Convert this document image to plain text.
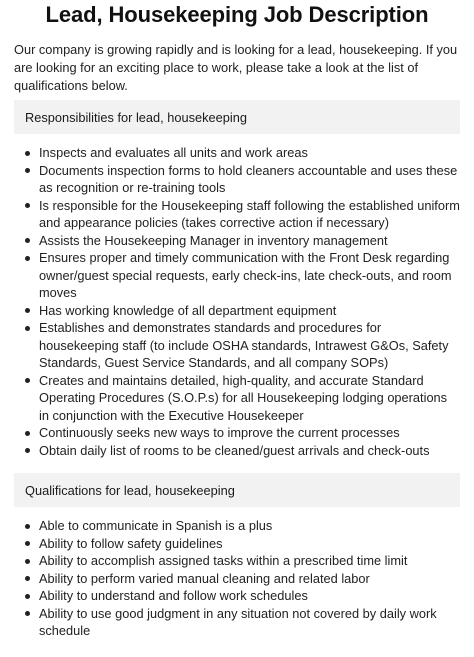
Lead, Housekeeping Job Description

Our company is growing rapidly and is looking for a lead, housekeeping. If you are looking for an exciting place to work, please take a look at the list of qualifications below.

Responsibilities for lead, housekeeping
Inspects and evaluates all units and work areas
Documents inspection forms to hold cleaners accountable and uses these as recognition or re-training tools
Is responsible for the Housekeeping staff following the established uniform and appearance policies (takes corrective action if necessary)
Assists the Housekeeping Manager in inventory management
Ensures proper and timely communication with the Front Desk regarding owner/guest special requests, early check-ins, late check-outs, and room moves
Has working knowledge of all department equipment
Establishes and demonstrates standards and procedures for housekeeping staff (to include OSHA standards, Intrawest G&Os, Safety Standards, Guest Service Standards, and all company SOPs)
Creates and maintains detailed, high-quality, and accurate Standard Operating Procedures (S.O.P.s) for all Housekeeping lodging operations in conjunction with the Executive Housekeeper
Continuously seeks new ways to improve the current processes
Obtain daily list of rooms to be cleaned/guest arrivals and check-outs
Qualifications for lead, housekeeping
Able to communicate in Spanish is a plus
Ability to follow safety guidelines
Ability to accomplish assigned tasks within a prescribed time limit
Ability to perform varied manual cleaning and related labor
Ability to understand and follow work schedules
Ability to use good judgment in any situation not covered by daily work schedule
